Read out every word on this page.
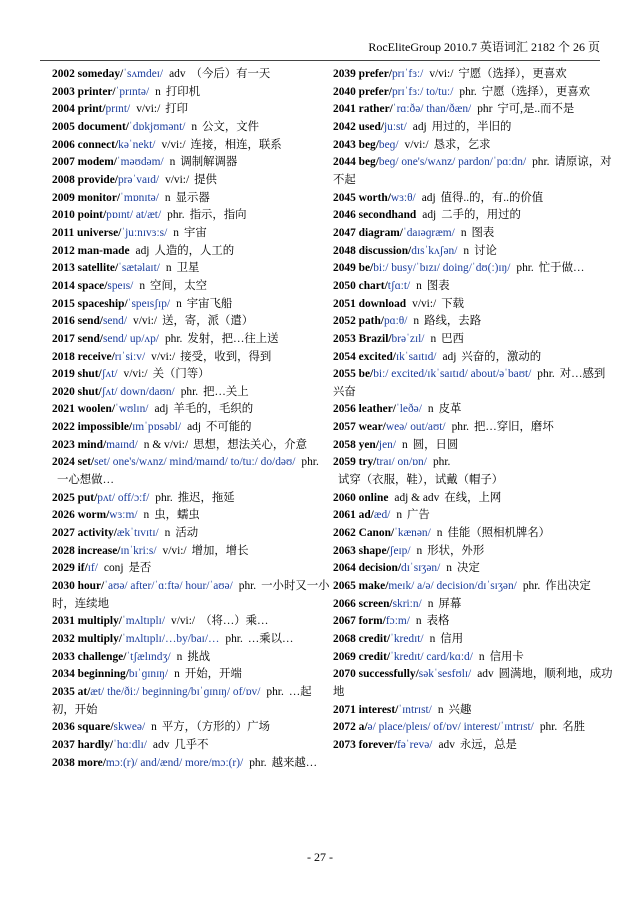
RocEliteGroup 2010.7 英语词汇 2182 个 26 页
2002 someday/ˈsʌmdeɪ/ adv （今后）有一天
2003 printer/ˈprɪntə/ n 打印机
2004 print/prɪnt/ v/vi:/ 打印
2005 document/ˈdɒkjʊmənt/ n 公文，文件
2006 connect/kəˈnekt/ v/vi:/ 连接，相连，联系
2007 modem/ˈməʊdəm/ n 调制解调器
2008 provide/prəˈvaɪd/ v/vi:/ 提供
2009 monitor/ˈmɒnɪtə/ n 显示器
2010 point/pɒɪnt/ at/æt/ phr. 指示，指向
2011 universe/ˈjuːnɪvɜːs/ n 宇宙
2012 man-made adj 人造的，人工的
2013 satellite/ˈsætəlaɪt/ n 卫星
2014 space/speɪs/ n 空间，太空
2015 spaceship/ˈspeɪsʃɪp/ n 宇宙飞船
2016 send/send/ v/vi:/ 送，寄，派（遣）
2017 send/send/ up/ʌp/ phr. 发射，把…往上送
2018 receive/rɪˈsiːv/ v/vi:/ 接受，收到，得到
2019 shut/ʃʌt/ v/vi:/ 关（门等）
2020 shut/ʃʌt/ down/daʊn/ phr. 把…关上
2021 woolen/ˈwʊlɪn/ adj 羊毛的，毛织的
2022 impossible/ɪmˈpɒsəbl/ adj 不可能的
2023 mind/maɪnd/ n & v/vi:/ 思想，想法关心，介意
2024 set/set/ one's/wʌnz/ mind/maɪnd/ to/tuː/ do/dəʊ/ phr.一心想做…
2025 put/pʌt/ off/ɔːf/ phr. 推迟，拖延
2026 worm/wɜːm/ n 虫，蠕虫
2027 activity/ækˈtɪvɪtɪ/ n 活动
2028 increase/ɪnˈkriːs/ v/vi:/ 增加，增长
2029 if/ɪf/ conj 是否
2030 hour/ˈaʊə/ after/ˈɑːftə/ hour/ˈaʊə/ phr. 一小时又一小时，连续地
2031 multiply/ˈmʌltɪplɪ/ v/vi:/ （将…）乘…
2032 multiply/ˈmʌltɪplɪ/…by/baɪ/… phr. …乘以…
2033 challenge/ˈtʃælɪndʒ/ n 挑战
2034 beginning/bɪˈɡɪnɪŋ/ n 开始，开端
2035 at/æt/ the/ðiː/ beginning/bɪˈɡɪnɪŋ/ of/ɒv/ phr. …起初，开始
2036 square/skweə/ n 平方，（方形的）广场
2037 hardly/ˈhɑːdlɪ/ adv 几乎不
2038 more/mɔː(r)/ and/ænd/ more/mɔː(r)/ phr. 越来越…
2039 prefer/prɪˈfɜː/ v/vi:/ 宁愿（选择），更喜欢
2040 prefer/prɪˈfɜː/ to/tuː/ phr. 宁愿（选择），更喜欢
2041 rather/ˈrɑːðə/ than/ðæn/ phr 宁可,是..而不是
2042 used/juːst/ adj 用过的，半旧的
2043 beg/beɡ/ v/vi:/ 恳求，乞求
2044 beg/beɡ/ one's/wʌnz/ pardon/ˈpɑːdn/ phr. 请原谅，对不起
2045 worth/wɜːθ/ adj 值得..的，有..的价值
2046 secondhand adj 二手的，用过的
2047 diagram/ˈdaɪəɡræm/ n 图表
2048 discussion/dɪsˈkʌʃən/ n 讨论
2049 be/biː/ busy/ˈbɪzɪ/ doing/ˈdʊ(ː)ɪŋ/ phr. 忙于做…
2050 chart/tʃɑːt/ n 图表
2051 download v/vi:/ 下载
2052 path/pɑːθ/ n 路线，去路
2053 Brazil/brəˈzɪl/ n 巴西
2054 excited/ɪkˈsaɪtɪd/ adj 兴奋的，激动的
2055 be/biː/ excited/ɪkˈsaɪtɪd/ about/əˈbaʊt/ phr. 对…感到兴奋
2056 leather/ˈleðə/ n 皮革
2057 wear/weə/ out/aʊt/ phr. 把…穿旧，磨坏
2058 yen/jen/ n 圆，日圆
2059 try/traɪ/ on/ɒn/ phr.试穿（衣服，鞋），试戴（帽子）
2060 online adj & adv 在线，上网
2061 ad/æd/ n 广告
2062 Canon/ˈkænən/ n 佳能（照相机牌名）
2063 shape/ʃeɪp/ n 形状，外形
2064 decision/dɪˈsɪʒən/ n 决定
2065 make/meɪk/ a/ə/ decision/dɪˈsɪʒən/ phr. 作出决定
2066 screen/skriːn/ n 屏幕
2067 form/fɔːm/ n 表格
2068 credit/ˈkredɪt/ n 信用
2069 credit/ˈkredɪt/ card/kɑːd/ n 信用卡
2070 successfully/səkˈsesfʊlɪ/ adv 圆满地，顺利地，成功地
2071 interest/ˈɪntrɪst/ n 兴趣
2072 a/ə/ place/pleɪs/ of/ɒv/ interest/ˈɪntrɪst/ phr. 名胜
2073 forever/fəˈrevə/ adv 永远，总是
- 27 -
